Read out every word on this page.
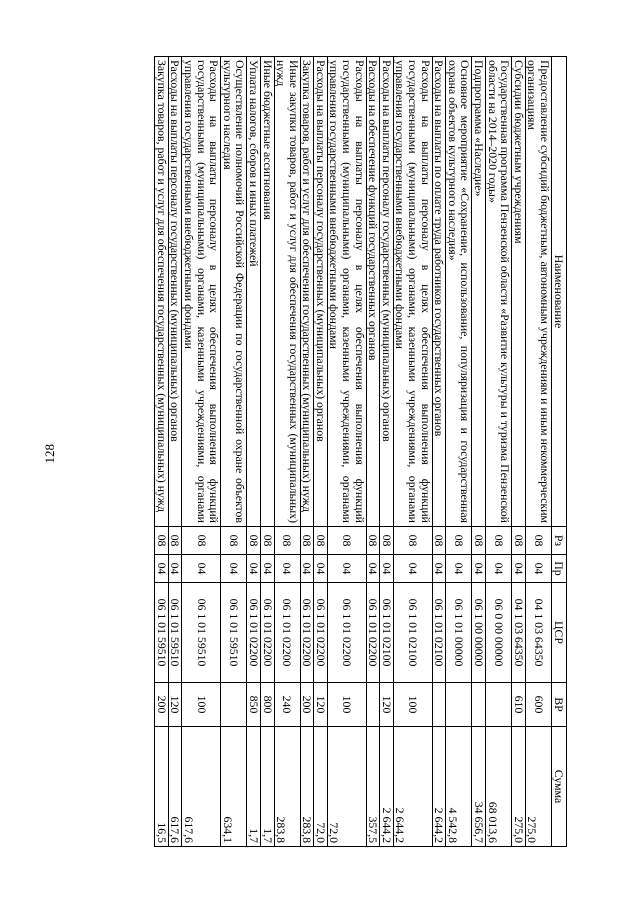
128
Наименование	Рз	Пр	ЦСР	ВР	Сумма
Предоставление субсидий бюджетным, автономным учреждениям и иным некоммерческим организациям	08	04	04 1 03 64350	600	275,0
Субсидии бюджетным учреждениям	08	04	04 1 03 64350	610	275,0
Государственная программа Пензенской области «Развитие культуры и туризма Пензенской области на 2014–2020 годы»	08	04	06 0 00 00000		68 013,6
Подпрограмма «Наследие»	08	04	06 1 00 00000		34 656,7
Основное мероприятие «Сохранение, использование, популяризация и государственная охрана объектов культурного наследия»	08	04	06 1 01 00000		4 542,8
Расходы на выплаты по оплате труда работников государственных органов	08	04	06 1 01 02100		2 644,2
Расходы на выплаты персоналу в целях обеспечения выполнения функций государственными (муниципальными) органами, казенными учреждениями, органами управления государственными внебюджетными фондами	08	04	06 1 01 02100	100	2 644,2
Расходы на выплаты персоналу государственных (муниципальных) органов	08	04	06 1 01 02100	120	2 644,2
Расходы на обеспечение функций государственных органов	08	04	06 1 01 02200		357,5
Расходы на выплаты персоналу в целях обеспечения выполнения функций государственными (муниципальными) органами, казенными учреждениями, органами управления государственными внебюджетными фондами	08	04	06 1 01 02200	100	72,0
Расходы на выплаты персоналу государственных (муниципальных) органов	08	04	06 1 01 02200	120	72,0
Закупка товаров, работ и услуг для обеспечения государственных (муниципальных) нужд	08	04	06 1 01 02200	200	283,8
Иные закупки товаров, работ и услуг для обеспечения государственных (муниципальных) нужд	08	04	06 1 01 02200	240	283,8
Иные бюджетные ассигнования	08	04	06 1 01 02200	800	1,7
Уплата налогов, сборов и иных платежей	08	04	06 1 01 02200	850	1,7
Осуществление полномочий Российской Федерации по государственной охране объектов культурного наследия	08	04	06 1 01 59510		634,1
Расходы на выплаты персоналу в целях обеспечения выполнения функций государственными (муниципальными) органами, казенными учреждениями, органами управления государственными внебюджетными фондами	08	04	06 1 01 59510	100	617,6
Расходы на выплаты персоналу государственных (муниципальных) органов	08	04	06 1 01 59510	120	617,6
Закупка товаров, работ и услуг для обеспечения государственных (муниципальных) нужд	08	04	06 1 01 59510	200	16,5
